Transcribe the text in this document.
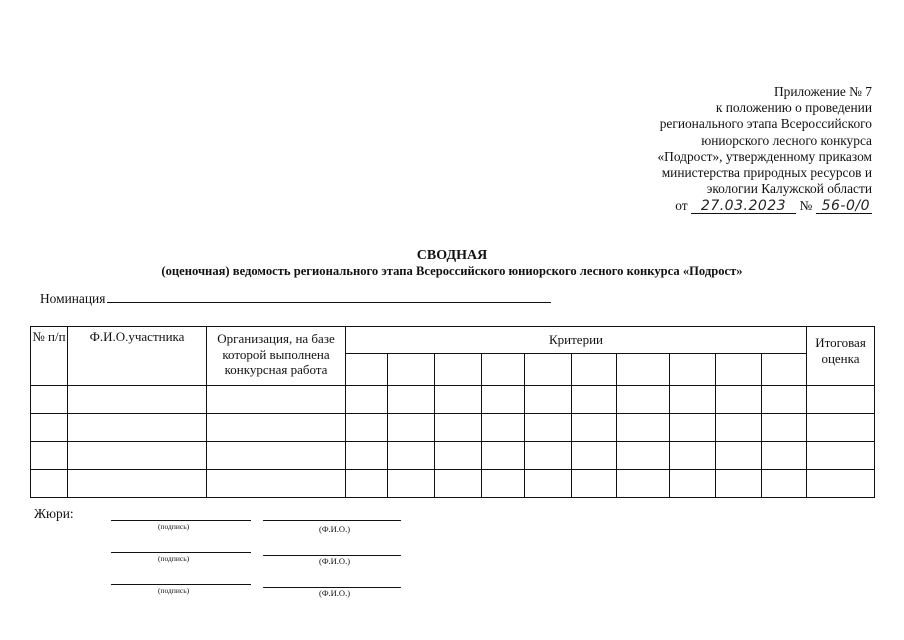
Приложение № 7
к положению о проведении
регионального этапа Всероссийского
юниорского лесного конкурса
«Подрост», утвержденному приказом
министерства природных ресурсов и
экологии Калужской области
от 27.03.2023 № 56-0/0
СВОДНАЯ
(оценочная) ведомость регионального этапа Всероссийского юниорского лесного конкурса «Подрост»
Номинация
№ п/п	Ф.И.О.участника	Организация, на базе которой выполнена конкурсная работа	Критерии										Итоговая оценка

Жюри:
(подпись)	(Ф.И.О.)
(подпись)	(Ф.И.О.)
(подпись)	(Ф.И.О.)
